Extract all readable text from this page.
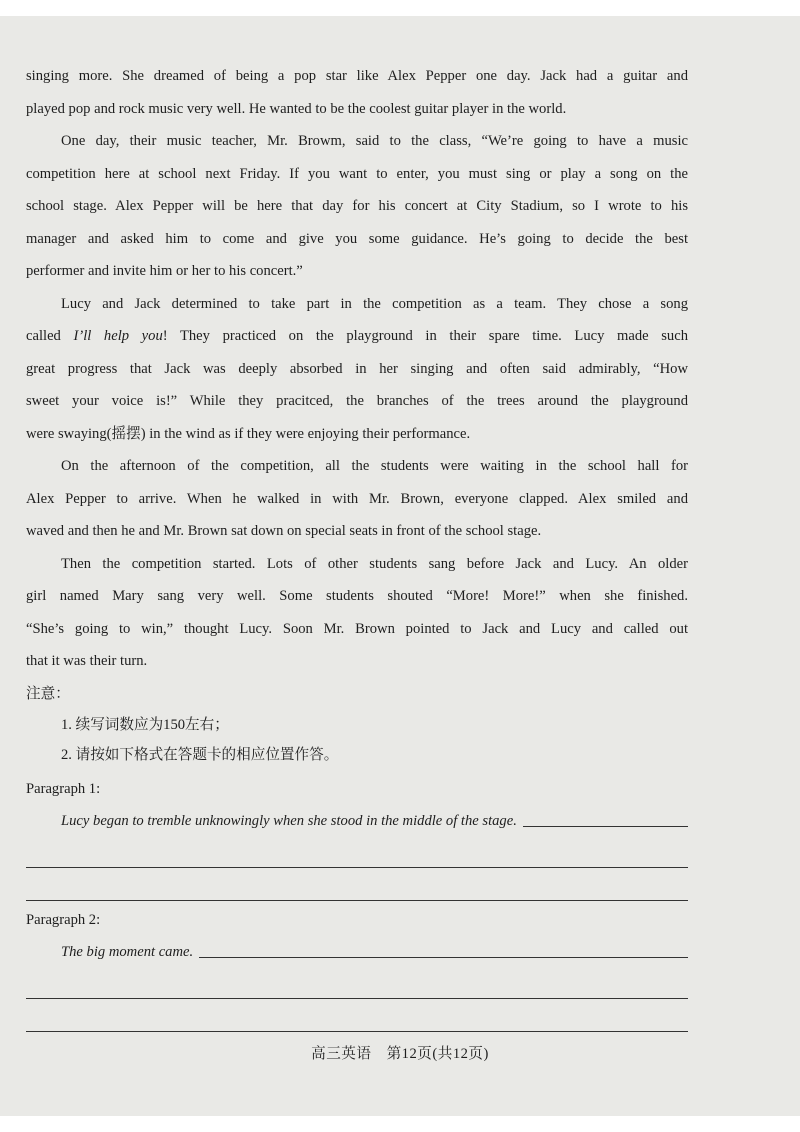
singing more. She dreamed of being a pop star like Alex Pepper one day. Jack had a guitar and
played pop and rock music very well. He wanted to be the coolest guitar player in the world.
One day, their music teacher, Mr. Browm, said to the class, “We’re going to have a music
competition here at school next Friday. If you want to enter, you must sing or play a song on the
school stage. Alex Pepper will be here that day for his concert at City Stadium, so I wrote to his
manager and asked him to come and give you some guidance. He’s going to decide the best
performer and invite him or her to his concert.”
Lucy and Jack determined to take part in the competition as a team. They chose a song
called I’ll help you! They practiced on the playground in their spare time. Lucy made such
great progress that Jack was deeply absorbed in her singing and often said admirably, “How
sweet your voice is!” While they pracitced, the branches of the trees around the playground
were swaying(摇摆) in the wind as if they were enjoying their performance.
On the afternoon of the competition, all the students were waiting in the school hall for
Alex Pepper to arrive. When he walked in with Mr. Brown, everyone clapped. Alex smiled and
waved and then he and Mr. Brown sat down on special seats in front of the school stage.
Then the competition started. Lots of other students sang before Jack and Lucy. An older
girl named Mary sang very well. Some students shouted “More! More!” when she finished.
“She’s going to win,” thought Lucy. Soon Mr. Brown pointed to Jack and Lucy and called out
that it was their turn.
注意：
1. 续写词数应为150左右；
2. 请按如下格式在答题卡的相应位置作答。
Paragraph 1:
Lucy began to tremble unknowingly when she stood in the middle of the stage.
Paragraph 2:
The big moment came.
高三英语　第12页(共12页)
